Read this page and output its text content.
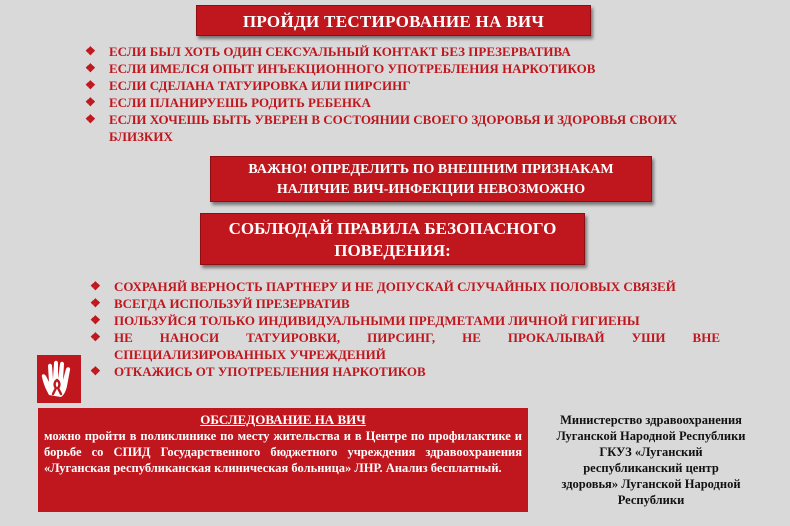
ПРОЙДИ ТЕСТИРОВАНИЕ НА ВИЧ
❖ ЕСЛИ БЫЛ ХОТЬ ОДИН СЕКСУАЛЬНЫЙ КОНТАКТ БЕЗ ПРЕЗЕРВАТИВА
❖ ЕСЛИ ИМЕЛСЯ ОПЫТ ИНЪЕКЦИОННОГО УПОТРЕБЛЕНИЯ НАРКОТИКОВ
❖ ЕСЛИ СДЕЛАНА ТАТУИРОВКА ИЛИ ПИРСИНГ
❖ ЕСЛИ ПЛАНИРУЕШЬ РОДИТЬ РЕБЕНКА
❖ ЕСЛИ ХОЧЕШЬ БЫТЬ УВЕРЕН В СОСТОЯНИИ СВОЕГО ЗДОРОВЬЯ И ЗДОРОВЬЯ СВОИХ БЛИЗКИХ
ВАЖНО! ОПРЕДЕЛИТЬ ПО ВНЕШНИМ ПРИЗНАКАМ
НАЛИЧИЕ ВИЧ-ИНФЕКЦИИ НЕВОЗМОЖНО
СОБЛЮДАЙ ПРАВИЛА БЕЗОПАСНОГО
ПОВЕДЕНИЯ:
❖ СОХРАНЯЙ ВЕРНОСТЬ ПАРТНЕРУ И НЕ ДОПУСКАЙ СЛУЧАЙНЫХ ПОЛОВЫХ СВЯЗЕЙ
❖ ВСЕГДА ИСПОЛЬЗУЙ ПРЕЗЕРВАТИВ
❖ ПОЛЬЗУЙСЯ ТОЛЬКО ИНДИВИДУАЛЬНЫМИ ПРЕДМЕТАМИ ЛИЧНОЙ ГИГИЕНЫ
❖ НЕ НАНОСИ ТАТУИРОВКИ, ПИРСИНГ, НЕ ПРОКАЛЫВАЙ УШИ ВНЕ СПЕЦИАЛИЗИРОВАННЫХ УЧРЕЖДЕНИЙ
❖ ОТКАЖИСЬ ОТ УПОТРЕБЛЕНИЯ НАРКОТИКОВ
ОБСЛЕДОВАНИЕ НА ВИЧ
можно пройти в поликлинике по месту жительства и в Центре по профилактике и борьбе со СПИД Государственного бюджетного учреждения здравоохранения «Луганская республиканская клиническая больница» ЛНР. Анализ бесплатный.
Министерство здравоохранения
Луганской Народной Республики
ГКУЗ «Луганский
республиканский центр
здоровья» Луганской Народной
Республики
